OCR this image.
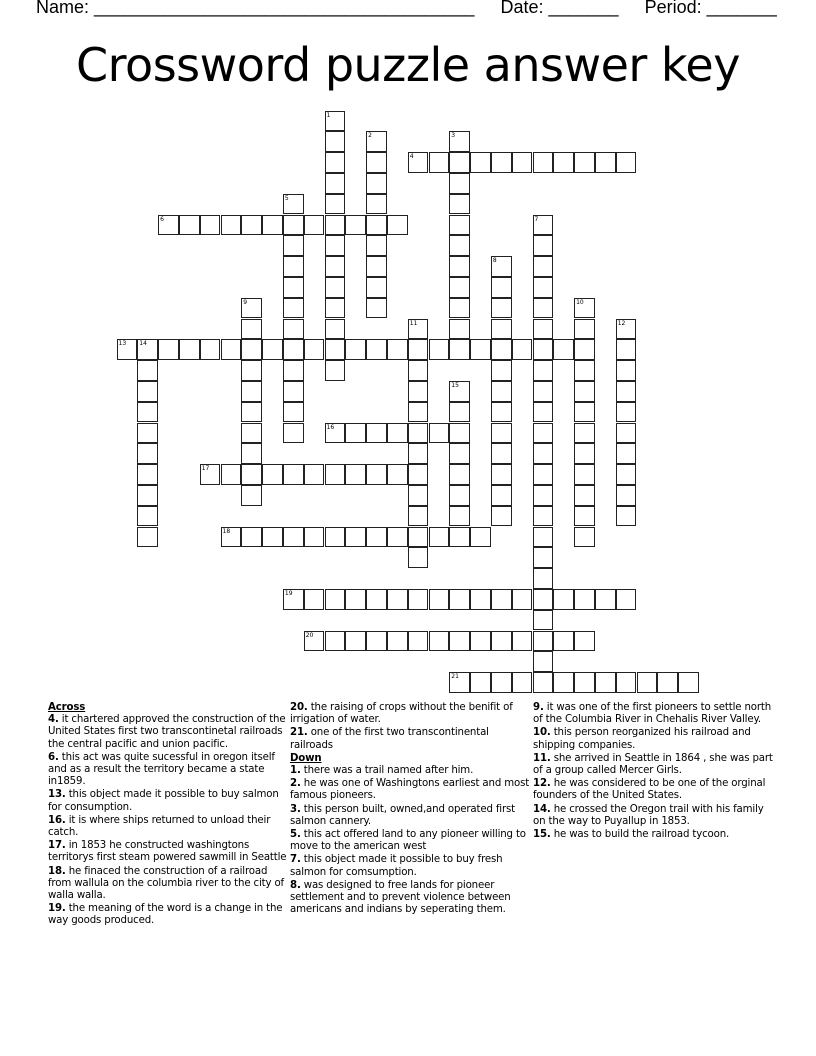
Name: ______________________________________ Date: _______ Period: _______
Crossword puzzle answer key
4
6
13 14
16
17
18
19
20
21
1
2	3
5
7
8
9	10
11	12
15
Across
4. it chartered approved the construction of the United States first two transcontinetal railroads the central pacific and union pacific.
6. this act was quite sucessful in oregon itself and as a result the territory became a state in1859.
13. this object made it possible to buy salmon for consumption.
16. it is where ships returned to unload their catch.
17. in 1853 he constructed washingtons territorys first steam powered sawmill in Seattle
18. he finaced the construction of a railroad from wallula on the columbia river to the city of walla walla.
19. the meaning of the word is a change in the way goods produced.
20. the raising of crops without the benifit of irrigation of water.
21. one of the first two transcontinental railroads
Down
1. there was a trail named after him.
2. he was one of Washingtons earliest and most famous pioneers.
3. this person built, owned,and operated first salmon cannery.
5. this act offered land to any pioneer willing to move to the american west
7. this object made it possible to buy fresh salmon for comsumption.
8. was designed to free lands for pioneer settlement and to prevent violence between americans and indians by seperating them.
9. it was one of the first pioneers to settle north of the Columbia River in Chehalis River Valley.
10. this person reorganized his railroad and shipping companies.
11. she arrived in Seattle in 1864 , she was part of a group called Mercer Girls.
12. he was considered to be one of the orginal founders of the United States.
14. he crossed the Oregon trail with his family on the way to Puyallup in 1853.
15. he was to build the railroad tycoon.
